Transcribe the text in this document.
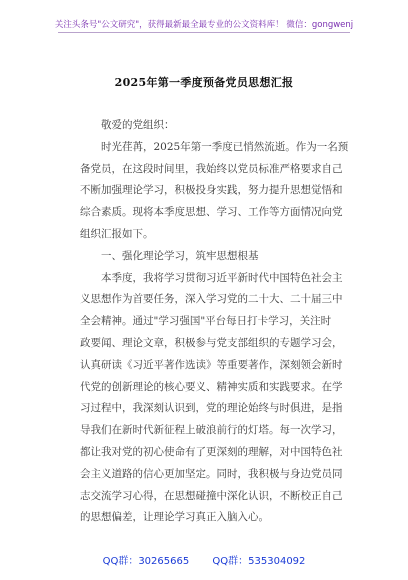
关注头条号"公文研究"，获得最新最全最专业的公文资料库！ 微信：gongwenj
2025年第一季度预备党员思想汇报
敬爱的党组织：
时光荏苒，2025年第一季度已悄然流逝。作为一名预
备党员，在这段时间里，我始终以党员标准严格要求自己
不断加强理论学习，积极投身实践，努力提升思想觉悟和
综合素质。现将本季度思想、学习、工作等方面情况向党
组织汇报如下。
一、强化理论学习，筑牢思想根基
本季度，我将学习贯彻习近平新时代中国特色社会主
义思想作为首要任务，深入学习党的二十大、二十届三中
全会精神。通过"学习强国"平台每日打卡学习，关注时
政要闻、理论文章，积极参与党支部组织的专题学习会，
认真研读《习近平著作选读》等重要著作，深刻领会新时
代党的创新理论的核心要义、精神实质和实践要求。在学
习过程中，我深刻认识到，党的理论始终与时俱进，是指
导我们在新时代新征程上破浪前行的灯塔。每一次学习，
都让我对党的初心使命有了更深刻的理解，对中国特色社
会主义道路的信心更加坚定。同时，我积极与身边党员同
志交流学习心得，在思想碰撞中深化认识，不断校正自己
的思想偏差，让理论学习真正入脑入心。
QQ群：30265665 QQ群：535304092
